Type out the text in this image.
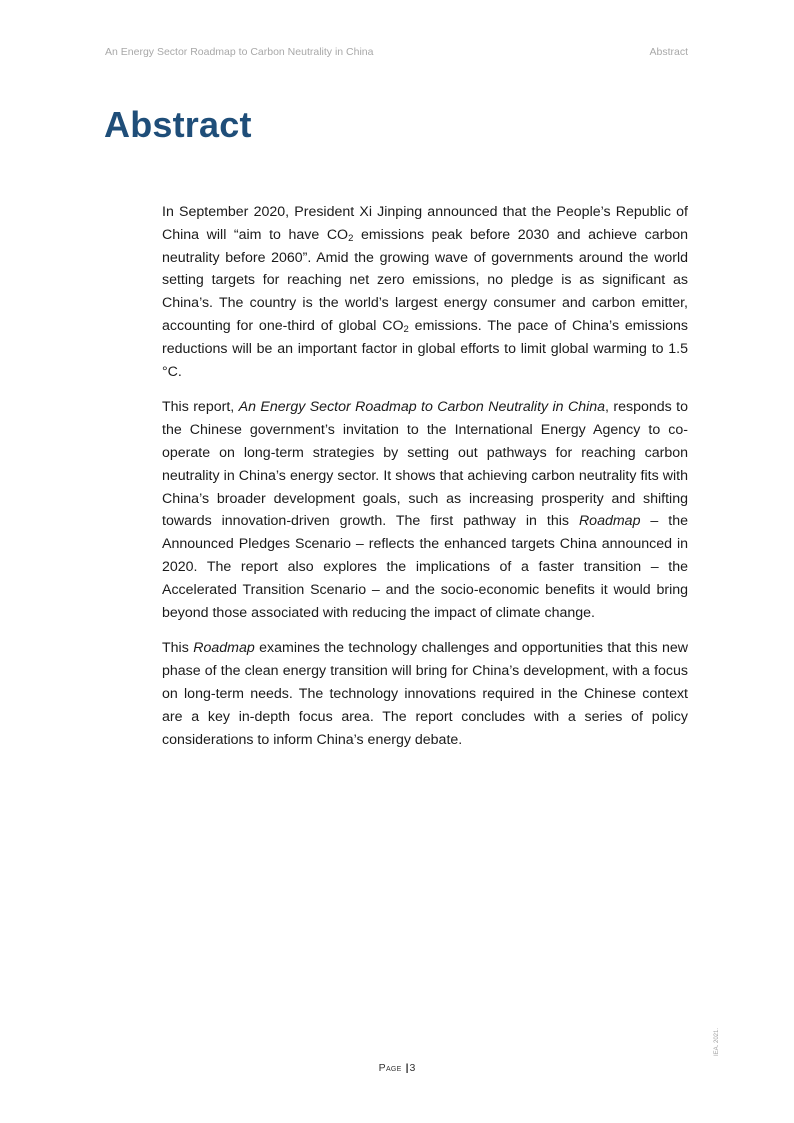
An Energy Sector Roadmap to Carbon Neutrality in China	Abstract
Abstract

In September 2020, President Xi Jinping announced that the People’s Republic of China will “aim to have $CO_2$ emissions peak before 2030 and achieve carbon neutrality before 2060”. Amid the growing wave of governments around the world setting targets for reaching net zero emissions, no pledge is as significant as China’s. The country is the world’s largest energy consumer and carbon emitter, accounting for one-third of global $CO_2$ emissions. The pace of China’s emissions reductions will be an important factor in global efforts to limit global warming to 1.5 °C.

This report, An Energy Sector Roadmap to Carbon Neutrality in China, responds to the Chinese government’s invitation to the International Energy Agency to co-operate on long-term strategies by setting out pathways for reaching carbon neutrality in China’s energy sector. It shows that achieving carbon neutrality fits with China’s broader development goals, such as increasing prosperity and shifting towards innovation-driven growth. The first pathway in this Roadmap – the Announced Pledges Scenario – reflects the enhanced targets China announced in 2020. The report also explores the implications of a faster transition – the Accelerated Transition Scenario – and the socio-economic benefits it would bring beyond those associated with reducing the impact of climate change.

This Roadmap examines the technology challenges and opportunities that this new phase of the clean energy transition will bring for China’s development, with a focus on long-term needs. The technology innovations required in the Chinese context are a key in-depth focus area. The report concludes with a series of policy considerations to inform China’s energy debate.

Page |3
IEA. 2021.
